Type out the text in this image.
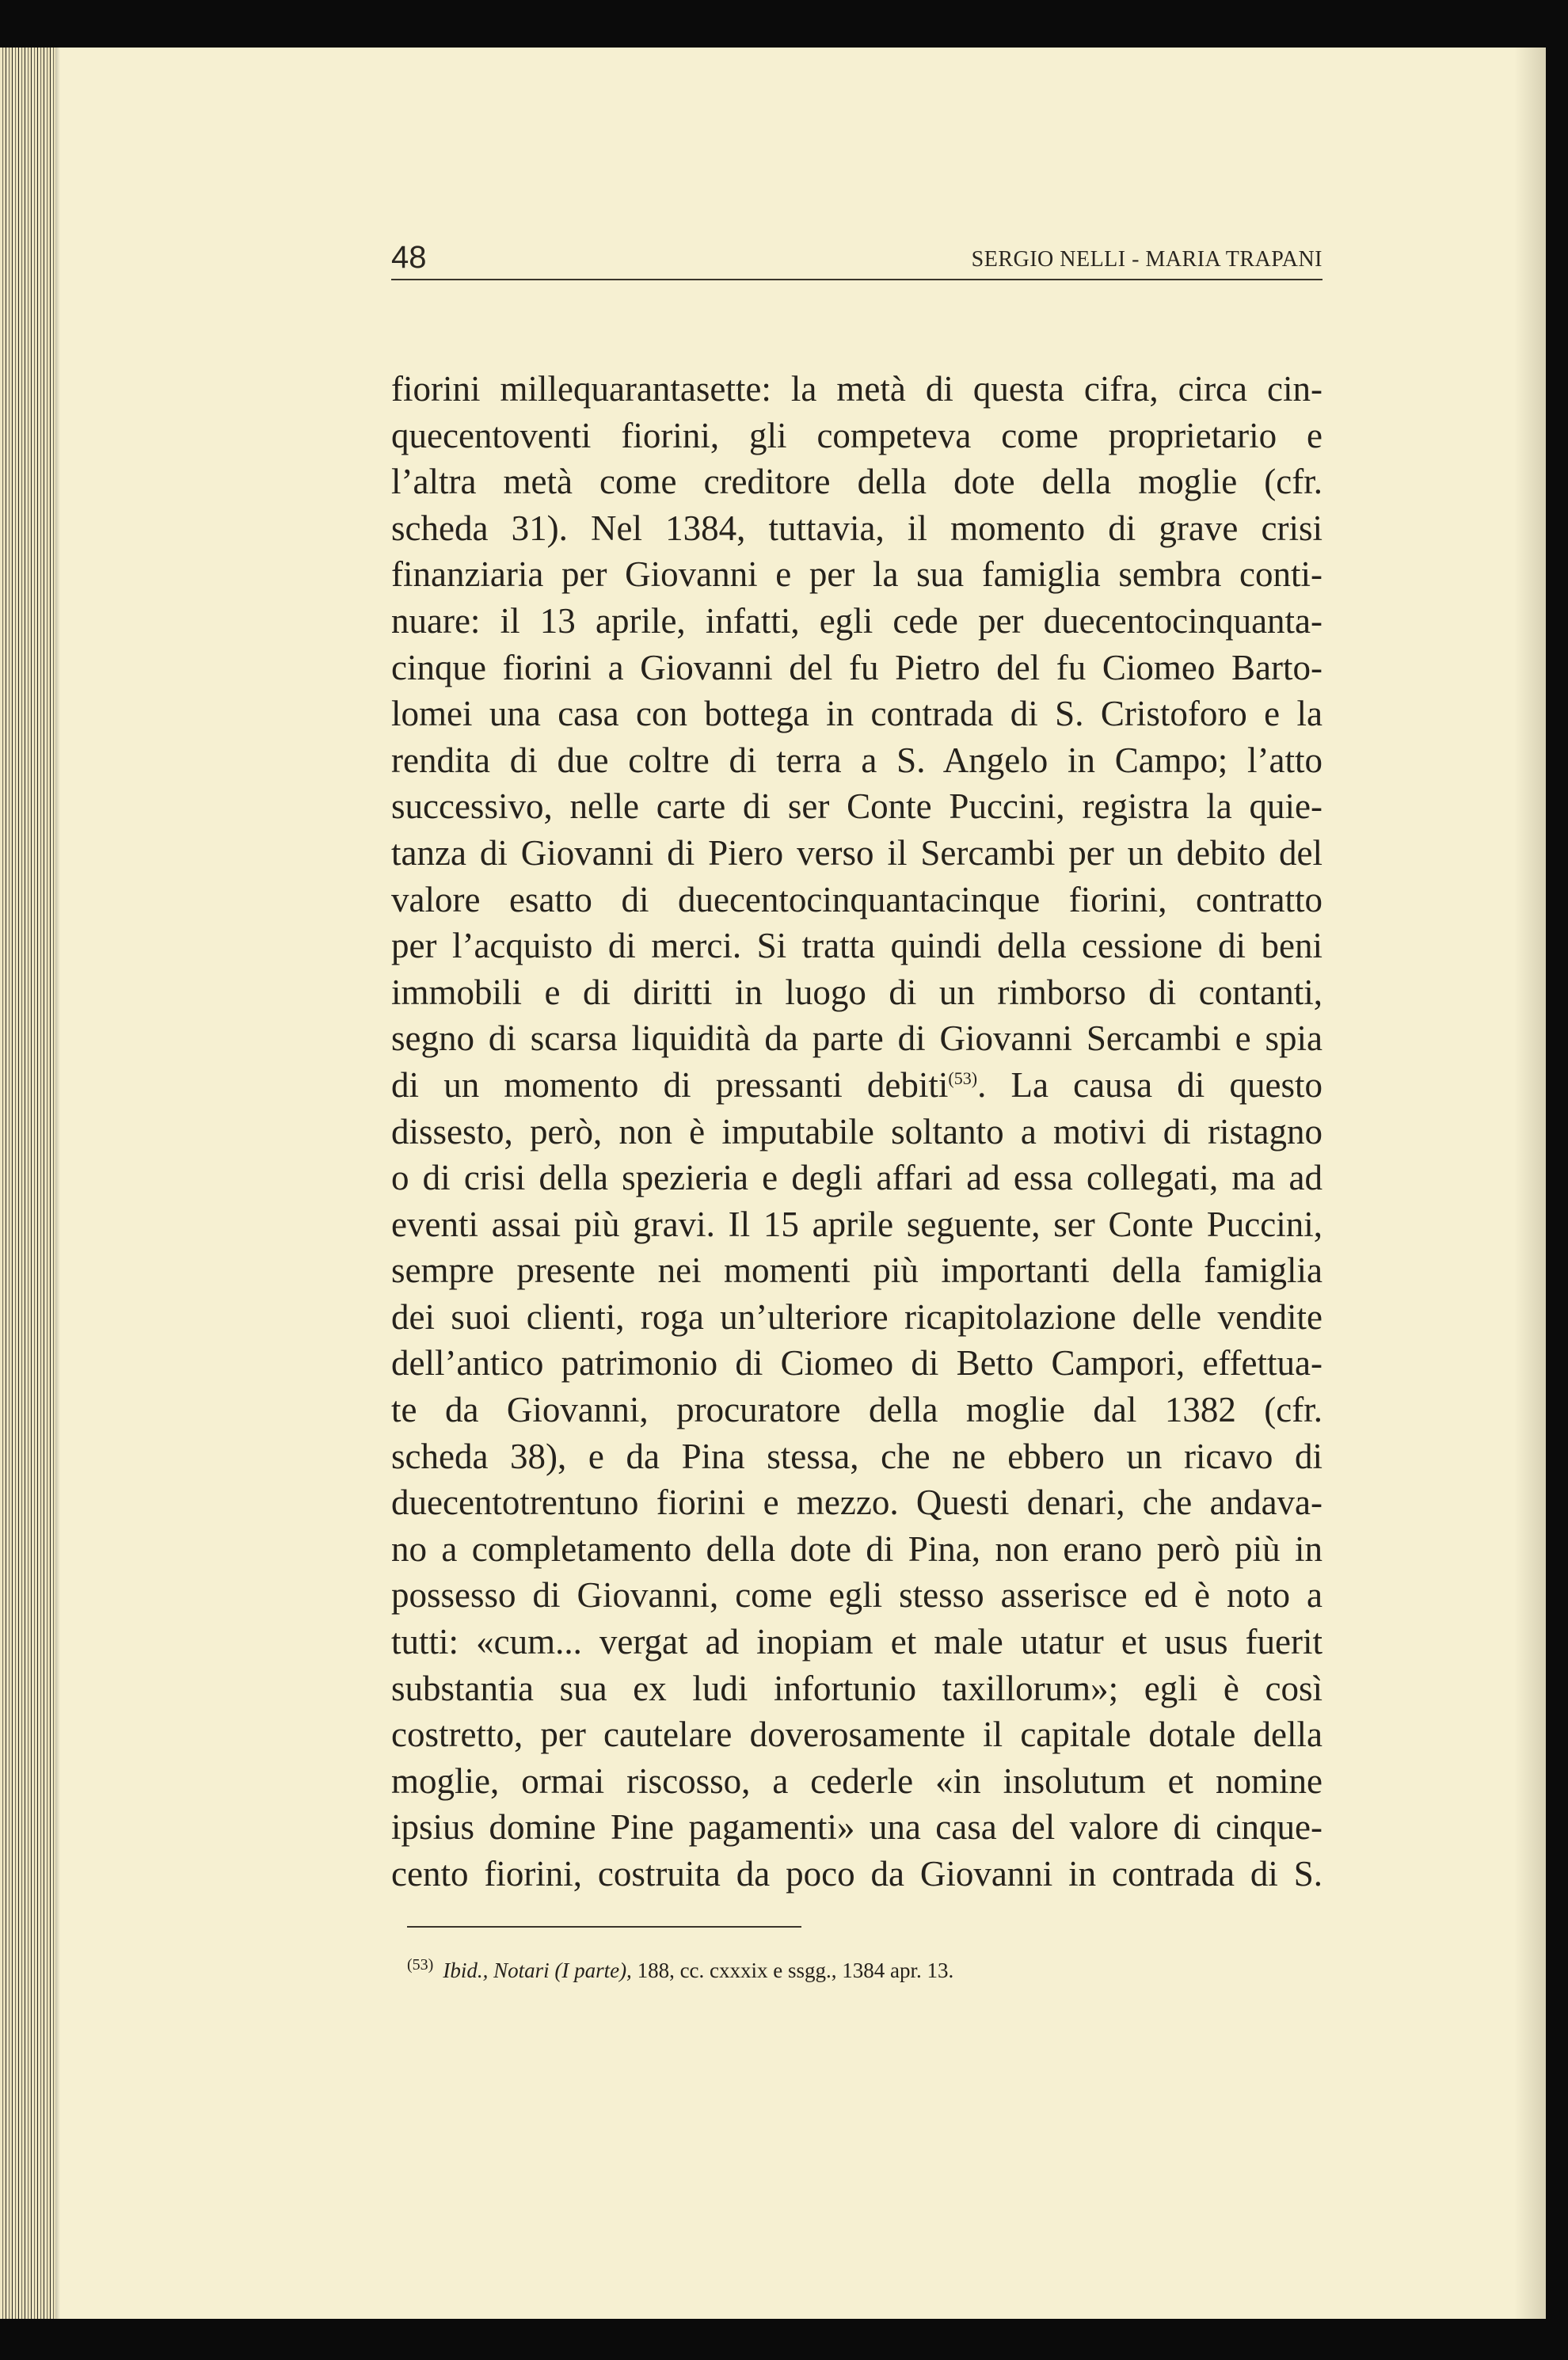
48	SERGIO NELLI - MARIA TRAPANI
fiorini millequarantasette: la metà di questa cifra, circa cin-
quecentoventi fiorini, gli competeva come proprietario e
l’altra metà come creditore della dote della moglie (cfr.
scheda 31). Nel 1384, tuttavia, il momento di grave crisi
finanziaria per Giovanni e per la sua famiglia sembra conti-
nuare: il 13 aprile, infatti, egli cede per duecentocinquanta-
cinque fiorini a Giovanni del fu Pietro del fu Ciomeo Barto-
lomei una casa con bottega in contrada di S. Cristoforo e la
rendita di due coltre di terra a S. Angelo in Campo; l’atto
successivo, nelle carte di ser Conte Puccini, registra la quie-
tanza di Giovanni di Piero verso il Sercambi per un debito del
valore esatto di duecentocinquantacinque fiorini, contratto
per l’acquisto di merci. Si tratta quindi della cessione di beni
immobili e di diritti in luogo di un rimborso di contanti,
segno di scarsa liquidità da parte di Giovanni Sercambi e spia
di un momento di pressanti debiti$^{(53)}$. La causa di questo
dissesto, però, non è imputabile soltanto a motivi di ristagno
o di crisi della spezieria e degli affari ad essa collegati, ma ad
eventi assai più gravi. Il 15 aprile seguente, ser Conte Puccini,
sempre presente nei momenti più importanti della famiglia
dei suoi clienti, roga un’ulteriore ricapitolazione delle vendite
dell’antico patrimonio di Ciomeo di Betto Campori, effettua-
te da Giovanni, procuratore della moglie dal 1382 (cfr.
scheda 38), e da Pina stessa, che ne ebbero un ricavo di
duecentotrentuno fiorini e mezzo. Questi denari, che andava-
no a completamento della dote di Pina, non erano però più in
possesso di Giovanni, come egli stesso asserisce ed è noto a
tutti: «cum... vergat ad inopiam et male utatur et usus fuerit
substantia sua ex ludi infortunio taxillorum»; egli è così
costretto, per cautelare doverosamente il capitale dotale della
moglie, ormai riscosso, a cederle «in insolutum et nomine
ipsius domine Pine pagamenti» una casa del valore di cinque-
cento fiorini, costruita da poco da Giovanni in contrada di S.
$^{(53)}$ Ibid., Notari (I parte), 188, cc. cxxxix e ssgg., 1384 apr. 13.
